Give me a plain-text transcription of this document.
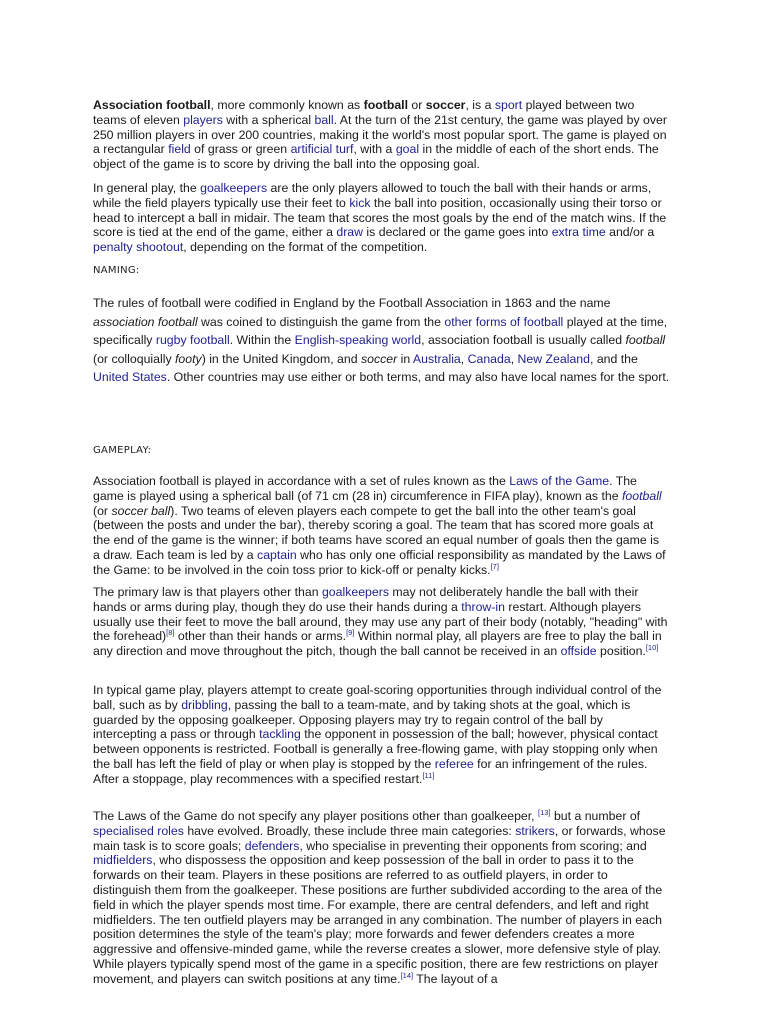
Association football, more commonly known as football or soccer, is a sport played between two teams of eleven players with a spherical ball. At the turn of the 21st century, the game was played by over 250 million players in over 200 countries, making it the world's most popular sport. The game is played on a rectangular field of grass or green artificial turf, with a goal in the middle of each of the short ends. The object of the game is to score by driving the ball into the opposing goal.

In general play, the goalkeepers are the only players allowed to touch the ball with their hands or arms, while the field players typically use their feet to kick the ball into position, occasionally using their torso or head to intercept a ball in midair. The team that scores the most goals by the end of the match wins. If the score is tied at the end of the game, either a draw is declared or the game goes into extra time and/or a penalty shootout, depending on the format of the competition.

NAMING:

The rules of football were codified in England by the Football Association in 1863 and the name association football was coined to distinguish the game from the other forms of football played at the time, specifically rugby football. Within the English-speaking world, association football is usually called football (or colloquially footy) in the United Kingdom, and soccer in Australia, Canada, New Zealand, and the United States. Other countries may use either or both terms, and may also have local names for the sport.

GAMEPLAY:

Association football is played in accordance with a set of rules known as the Laws of the Game. The game is played using a spherical ball (of 71 cm (28 in) circumference in FIFA play), known as the football (or soccer ball). Two teams of eleven players each compete to get the ball into the other team's goal (between the posts and under the bar), thereby scoring a goal. The team that has scored more goals at the end of the game is the winner; if both teams have scored an equal number of goals then the game is a draw. Each team is led by a captain who has only one official responsibility as mandated by the Laws of the Game: to be involved in the coin toss prior to kick-off or penalty kicks.[7]

The primary law is that players other than goalkeepers may not deliberately handle the ball with their hands or arms during play, though they do use their hands during a throw-in restart. Although players usually use their feet to move the ball around, they may use any part of their body (notably, "heading" with the forehead)[8] other than their hands or arms.[9] Within normal play, all players are free to play the ball in any direction and move throughout the pitch, though the ball cannot be received in an offside position.[10]

In typical game play, players attempt to create goal-scoring opportunities through individual control of the ball, such as by dribbling, passing the ball to a team-mate, and by taking shots at the goal, which is guarded by the opposing goalkeeper. Opposing players may try to regain control of the ball by intercepting a pass or through tackling the opponent in possession of the ball; however, physical contact between opponents is restricted. Football is generally a free-flowing game, with play stopping only when the ball has left the field of play or when play is stopped by the referee for an infringement of the rules. After a stoppage, play recommences with a specified restart.[11]

The Laws of the Game do not specify any player positions other than goalkeeper, [13] but a number of specialised roles have evolved. Broadly, these include three main categories: strikers, or forwards, whose main task is to score goals; defenders, who specialise in preventing their opponents from scoring; and midfielders, who dispossess the opposition and keep possession of the ball in order to pass it to the forwards on their team. Players in these positions are referred to as outfield players, in order to distinguish them from the goalkeeper. These positions are further subdivided according to the area of the field in which the player spends most time. For example, there are central defenders, and left and right midfielders. The ten outfield players may be arranged in any combination. The number of players in each position determines the style of the team's play; more forwards and fewer defenders creates a more aggressive and offensive-minded game, while the reverse creates a slower, more defensive style of play. While players typically spend most of the game in a specific position, there are few restrictions on player movement, and players can switch positions at any time.[14] The layout of a
